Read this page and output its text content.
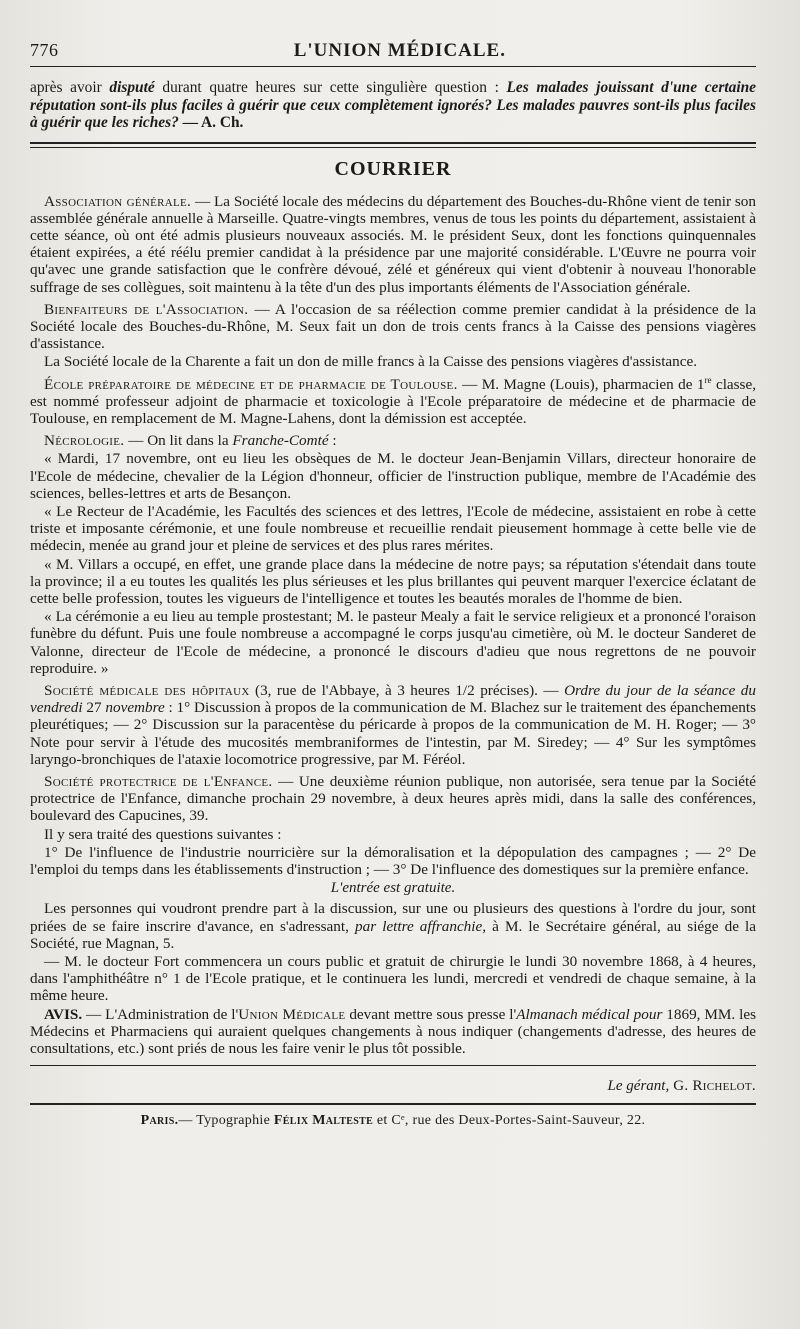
776	L'UNION MÉDICALE.
après avoir disputé durant quatre heures sur cette singulière question : Les malades jouissant d'une certaine réputation sont-ils plus faciles à guérir que ceux complètement ignorés? Les malades pauvres sont-ils plus faciles à guérir que les riches? — A. Ch.
COURRIER

Association générale. — La Société locale des médecins du département des Bouches-du-Rhône vient de tenir son assemblée générale annuelle à Marseille. Quatre-vingts membres, venus de tous les points du département, assistaient à cette séance, où ont été admis plusieurs nouveaux associés. M. le président Seux, dont les fonctions quinquennales étaient expirées, a été réélu premier candidat à la présidence par une majorité considérable. L'Œuvre ne pourra voir qu'avec une grande satisfaction que le confrère dévoué, zélé et généreux qui vient d'obtenir à nouveau l'honorable suffrage de ses collègues, soit maintenu à la tête d'un des plus importants éléments de l'Association générale.

Bienfaiteurs de l'Association. — A l'occasion de sa réélection comme premier candidat à la présidence de la Société locale des Bouches-du-Rhône, M. Seux fait un don de trois cents francs à la Caisse des pensions viagères d'assistance.

La Société locale de la Charente a fait un don de mille francs à la Caisse des pensions viagères d'assistance.

École préparatoire de médecine et de pharmacie de Toulouse. — M. Magne (Louis), pharmacien de 1re classe, est nommé professeur adjoint de pharmacie et toxicologie à l'Ecole préparatoire de médecine et de pharmacie de Toulouse, en remplacement de M. Magne-Lahens, dont la démission est acceptée.

Nécrologie. — On lit dans la Franche-Comté :

« Mardi, 17 novembre, ont eu lieu les obsèques de M. le docteur Jean-Benjamin Villars, directeur honoraire de l'Ecole de médecine, chevalier de la Légion d'honneur, officier de l'instruction publique, membre de l'Académie des sciences, belles-lettres et arts de Besançon.

« Le Recteur de l'Académie, les Facultés des sciences et des lettres, l'Ecole de médecine, assistaient en robe à cette triste et imposante cérémonie, et une foule nombreuse et recueillie rendait pieusement hommage à cette belle vie de médecin, menée au grand jour et pleine de services et des plus rares mérites.

« M. Villars a occupé, en effet, une grande place dans la médecine de notre pays; sa réputation s'étendait dans toute la province; il a eu toutes les qualités les plus sérieuses et les plus brillantes qui peuvent marquer l'exercice éclatant de cette belle profession, toutes les vigueurs de l'intelligence et toutes les beautés morales de l'homme de bien.

« La cérémonie a eu lieu au temple prostestant; M. le pasteur Mealy a fait le service religieux et a prononcé l'oraison funèbre du défunt. Puis une foule nombreuse a accompagné le corps jusqu'au cimetière, où M. le docteur Sanderet de Valonne, directeur de l'Ecole de médecine, a prononcé le discours d'adieu que nous regrettons de ne pouvoir reproduire. »

Société médicale des hôpitaux (3, rue de l'Abbaye, à 3 heures 1/2 précises). — Ordre du jour de la séance du vendredi 27 novembre : 1° Discussion à propos de la communication de M. Blachez sur le traitement des épanchements pleurétiques; — 2° Discussion sur la paracentèse du péricarde à propos de la communication de M. H. Roger; — 3° Note pour servir à l'étude des mucosités membraniformes de l'intestin, par M. Siredey; — 4° Sur les symptômes laryngo-bronchiques de l'ataxie locomotrice progressive, par M. Féréol.

Société protectrice de l'Enfance. — Une deuxième réunion publique, non autorisée, sera tenue par la Société protectrice de l'Enfance, dimanche prochain 29 novembre, à deux heures après midi, dans la salle des conférences, boulevard des Capucines, 39.

Il y sera traité des questions suivantes :

1° De l'influence de l'industrie nourricière sur la démoralisation et la dépopulation des campagnes ; — 2° De l'emploi du temps dans les établissements d'instruction ; — 3° De l'influence des domestiques sur la première enfance.

L'entrée est gratuite.

Les personnes qui voudront prendre part à la discussion, sur une ou plusieurs des questions à l'ordre du jour, sont priées de se faire inscrire d'avance, en s'adressant, par lettre affranchie, à M. le Secrétaire général, au siége de la Société, rue Magnan, 5.

— M. le docteur Fort commencera un cours public et gratuit de chirurgie le lundi 30 novembre 1868, à 4 heures, dans l'amphithéâtre n° 1 de l'Ecole pratique, et le continuera les lundi, mercredi et vendredi de chaque semaine, à la même heure.

AVIS. — L'Administration de l'Union Médicale devant mettre sous presse l'Almanach médical pour 1869, MM. les Médecins et Pharmaciens qui auraient quelques changements à nous indiquer (changements d'adresse, des heures de consultations, etc.) sont priés de nous les faire venir le plus tôt possible.

Le gérant, G. Richelot.
Paris.— Typographie Félix Malteste et Cᵉ, rue des Deux-Portes-Saint-Sauveur, 22.
